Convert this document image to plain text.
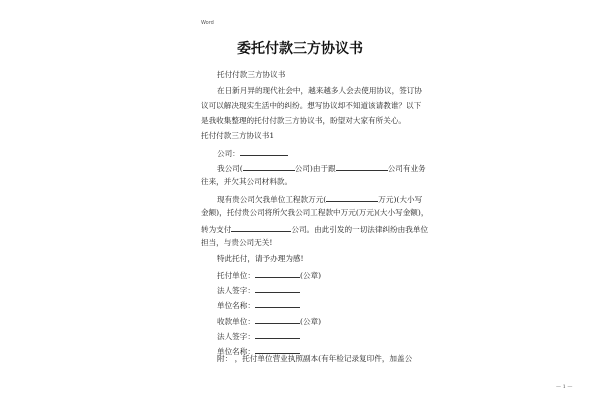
Word
委托付款三方协议书
托付付款三方协议书
在日新月异的现代社会中，越来越多人会去使用协议，签订协
议可以解决现实生活中的纠纷。想写协议却不知道该请教谁？以下
是我收集整理的托付付款三方协议书，盼望对大家有所关心。
托付付款三方协议书1
公司：
我公司(	公司)由于跟	公司有业务
往来，并欠其公司材料款。
现有贵公司欠我单位工程款万元(	万元)(大小写
金额)，托付贵公司将所欠我公司工程款中万元(万元)(大小写金额)，
转为支付	公司。由此引发的一切法律纠纷由我单位
担当，与贵公司无关!
特此托付，请予办理为感!
托付单位：	(公章)
法人签字：
单位名称：
收款单位：	(公章)
法人签字：
单位名称：
附： ，托付单位营业执照副本(有年检记录复印件，加盖公
— 1 —
